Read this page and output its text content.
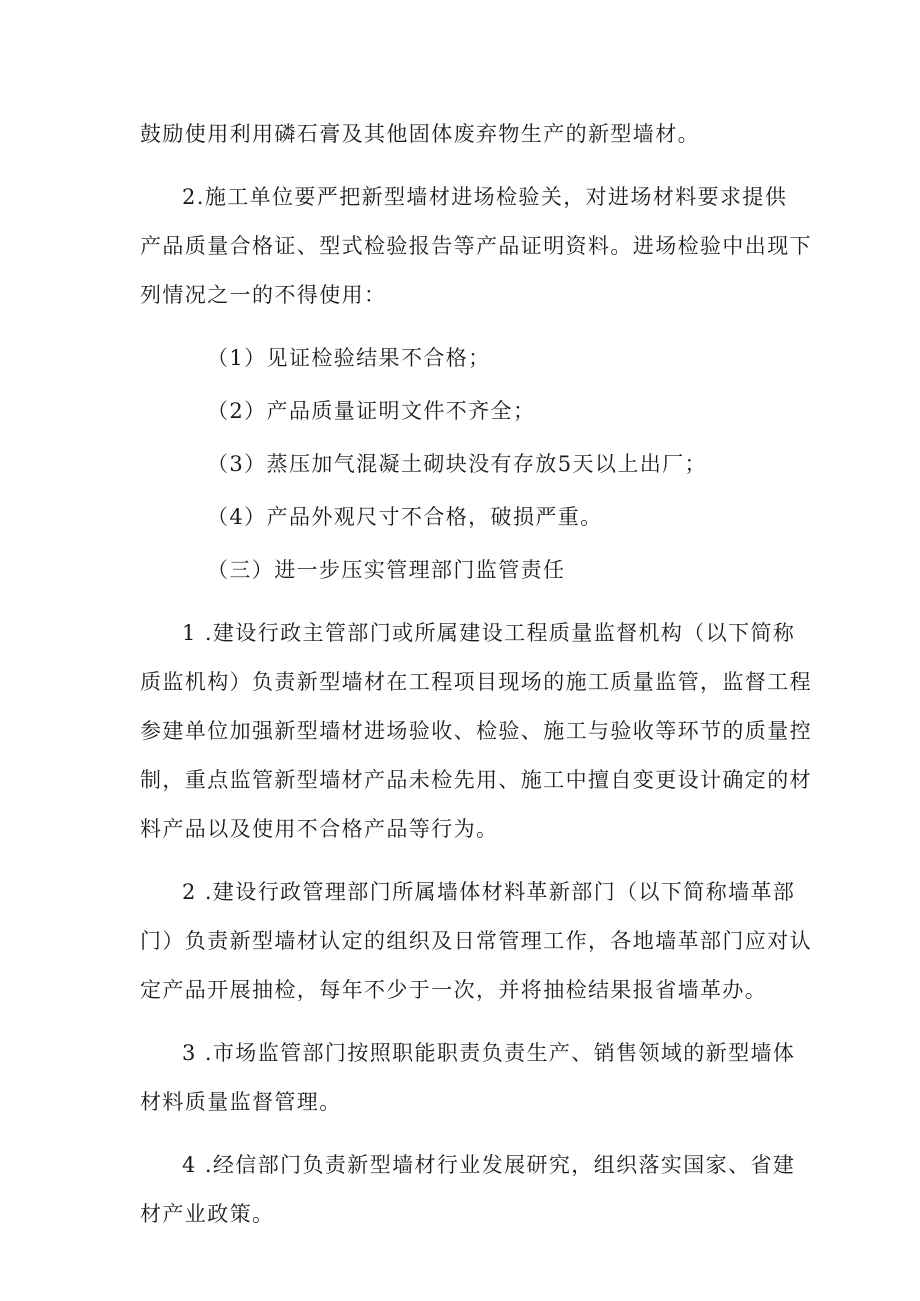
鼓励使用利用磷石膏及其他固体废弃物生产的新型墙材。
2.施工单位要严把新型墙材进场检验关，对进场材料要求提供
产品质量合格证、型式检验报告等产品证明资料。进场检验中出现下
列情况之一的不得使用：
（1）见证检验结果不合格；
（2）产品质量证明文件不齐全；
（3）蒸压加气混凝土砌块没有存放5天以上出厂；
（4）产品外观尺寸不合格，破损严重。
（三）进一步压实管理部门监管责任
1 .建设行政主管部门或所属建设工程质量监督机构（以下简称
质监机构）负责新型墙材在工程项目现场的施工质量监管，监督工程
参建单位加强新型墙材进场验收、检验、施工与验收等环节的质量控
制，重点监管新型墙材产品未检先用、施工中擅自变更设计确定的材
料产品以及使用不合格产品等行为。
2 .建设行政管理部门所属墙体材料革新部门（以下简称墙革部
门）负责新型墙材认定的组织及日常管理工作，各地墙革部门应对认
定产品开展抽检，每年不少于一次，并将抽检结果报省墙革办。
3 .市场监管部门按照职能职责负责生产、销售领域的新型墙体
材料质量监督管理。
4 .经信部门负责新型墙材行业发展研究，组织落实国家、省建
材产业政策。
